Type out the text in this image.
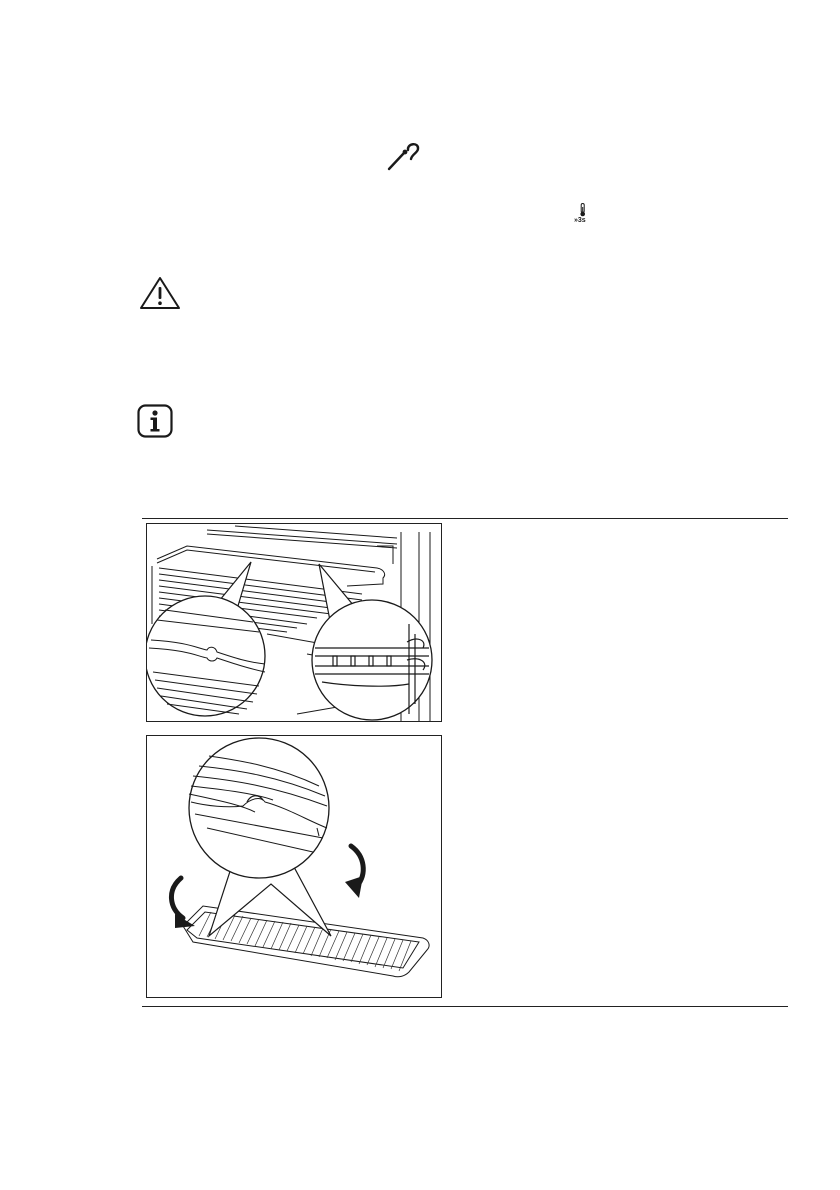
»3s
